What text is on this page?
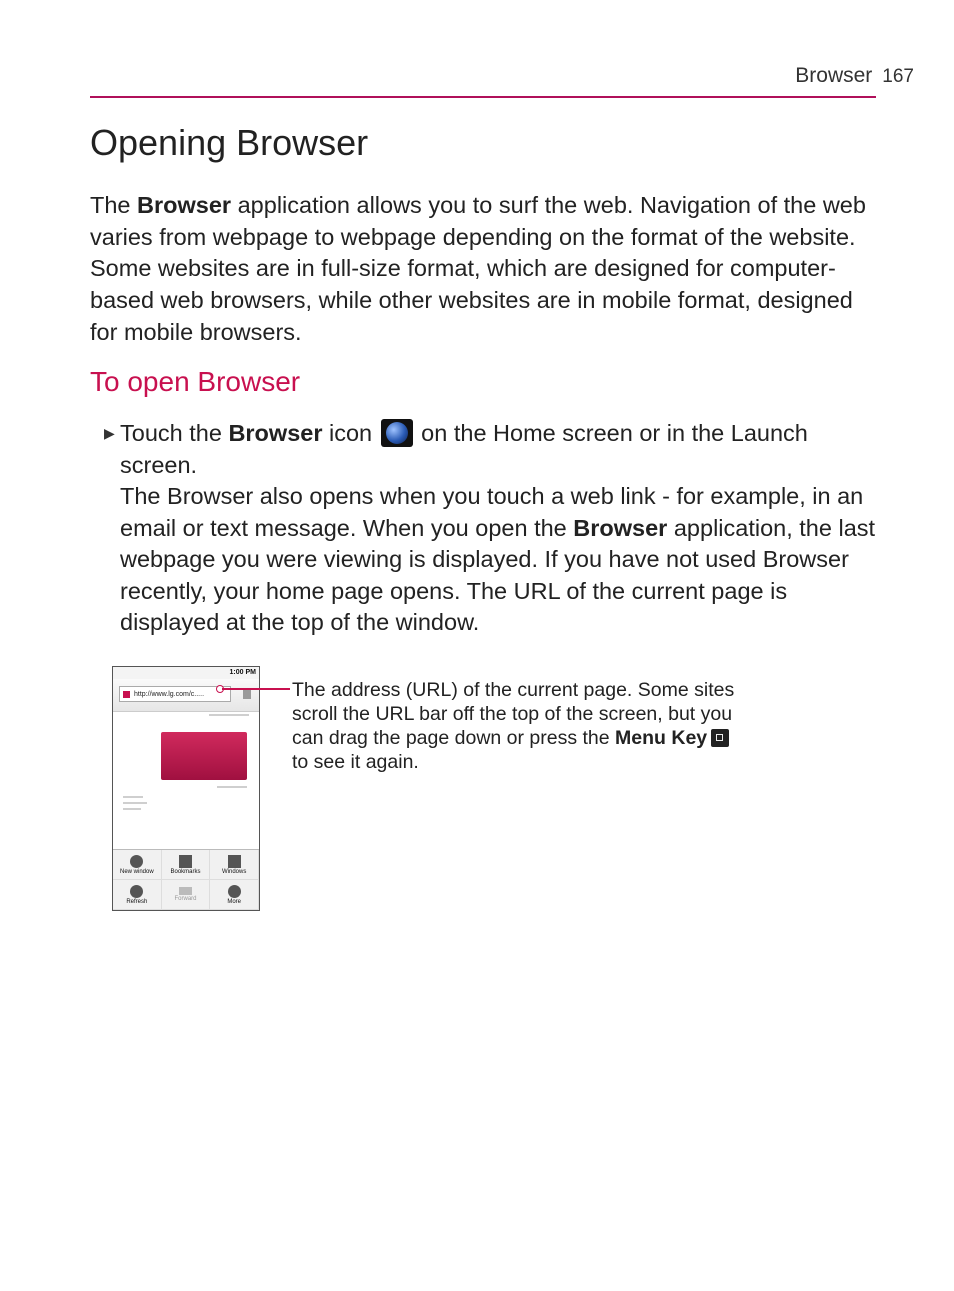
Browser 167
Opening Browser

The Browser application allows you to surf the web. Navigation of the web varies from webpage to webpage depending on the format of the website. Some websites are in full-size format, which are designed for computer-based web browsers, while other websites are in mobile format, designed for mobile browsers.

To open Browser
▶ Touch the Browser icon  on the Home screen or in the Launch screen.
The Browser also opens when you touch a web link - for example, in an email or text message. When you open the Browser application, the last webpage you were viewing is displayed. If you have not used Browser recently, your home page opens. The URL of the current page is displayed at the top of the window.
1:00 PM
http://www.lg.com/c.....
New window	Bookmarks	Windows
Refresh	Forward	More

The address (URL) of the current page. Some sites scroll the URL bar off the top of the screen, but you can drag the page down or press the Menu Key to see it again.
